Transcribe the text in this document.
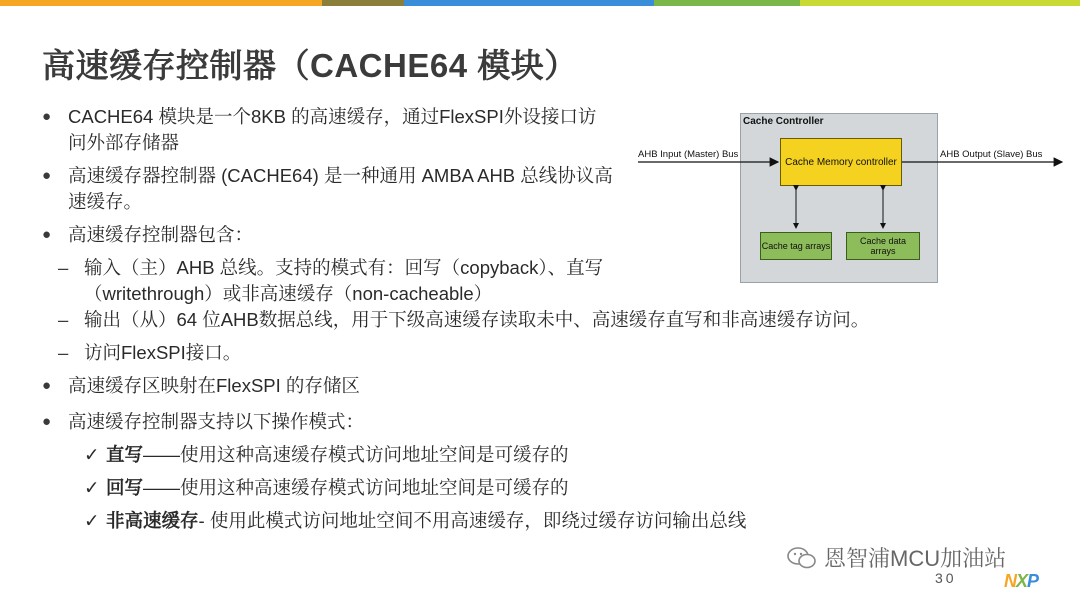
高速缓存控制器（CACHE64 模块）
● CACHE64 模块是一个8KB 的高速缓存，通过FlexSPI外设接口访问外部存储器
● 高速缓存器控制器 (CACHE64) 是一种通用 AMBA AHB 总线协议高速缓存。
● 高速缓存控制器包含：
– 输入（主）AHB 总线。支持的模式有：回写（copyback）、直写（writethrough）或非高速缓存（non-cacheable）
– 输出（从）64 位AHB数据总线，用于下级高速缓存读取未中、高速缓存直写和非高速缓存访问。
– 访问FlexSPI接口。
● 高速缓存区映射在FlexSPI 的存储区
● 高速缓存控制器支持以下操作模式：
✓ 直写——使用这种高速缓存模式访问地址空间是可缓存的
✓ 回写——使用这种高速缓存模式访问地址空间是可缓存的
✓ 非高速缓存- 使用此模式访问地址空间不用高速缓存，即绕过缓存访问输出总线
Cache Controller
Cache Memory controller
Cache tag arrays	Cache data arrays
AHB Input (Master) Bus	AHB Output (Slave) Bus
恩智浦MCU加油站
30	NXP
